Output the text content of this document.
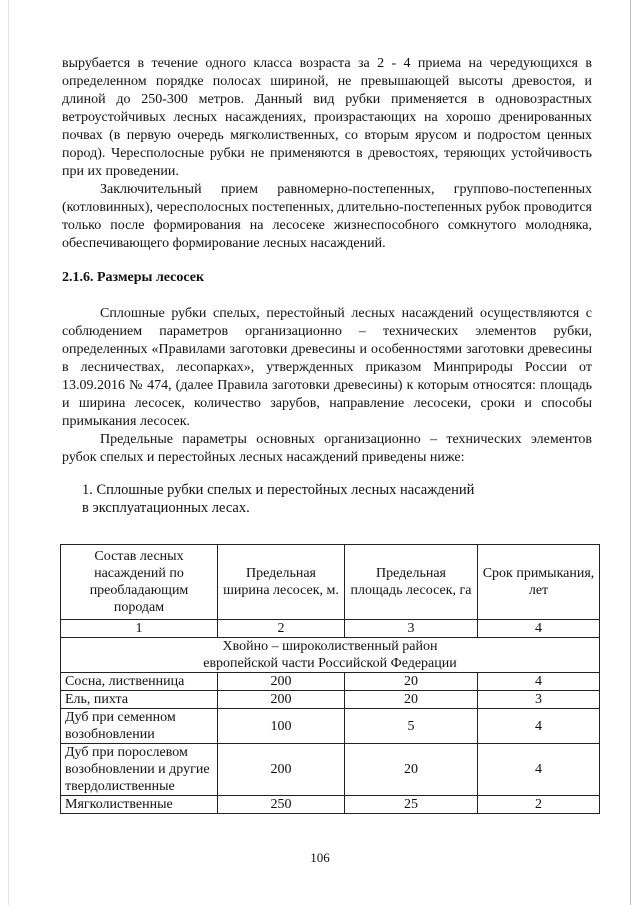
вырубается в течение одного класса возраста за 2 - 4 приема на чередующихся в определенном порядке полосах шириной, не превышающей высоты древостоя, и длиной до 250-300 метров. Данный вид рубки применяется в одновозрастных ветроустойчивых лесных насаждениях, произрастающих на хорошо дренированных почвах (в первую очередь мягколиственных, со вторым ярусом и подростом ценных пород). Чересполосные рубки не применяются в древостоях, теряющих устойчивость при их проведении.

Заключительный прием равномерно-постепенных, группово-постепенных (котловинных), чересполосных постепенных, длительно-постепенных рубок проводится только после формирования на лесосеке жизнеспособного сомкнутого молодняка, обеспечивающего формирование лесных насаждений.

2.1.6. Размеры лесосек

Сплошные рубки спелых, перестойный лесных насаждений осуществляются с соблюдением параметров организационно – технических элементов рубки, определенных «Правилами заготовки древесины и особенностями заготовки древесины в лесничествах, лесопарках», утвержденных приказом Минприроды России от 13.09.2016 № 474, (далее Правила заготовки древесины) к которым относятся: площадь и ширина лесосек, количество зарубов, направление лесосеки, сроки и способы примыкания лесосек.

Предельные параметры основных организационно – технических элементов рубок спелых и перестойных лесных насаждений приведены ниже:

1. Сплошные рубки спелых и перестойных лесных насаждений
в эксплуатационных лесах.

Состав лесных насаждений по преобладающим породам	Предельная ширина лесосек, м.	Предельная площадь лесосек, га	Срок примыкания, лет
1	2	3	4

Хвойно – широколиственный район
европейской части Российской Федерации			

Сосна, лиственница	200	20	4
Ель, пихта	200	20	3
Дуб при семенном возобновлении	100	5	4
Дуб при порослевом возобновлении и другие твердолиственные	200	20	4
Мягколиственные	250	25	2
106
